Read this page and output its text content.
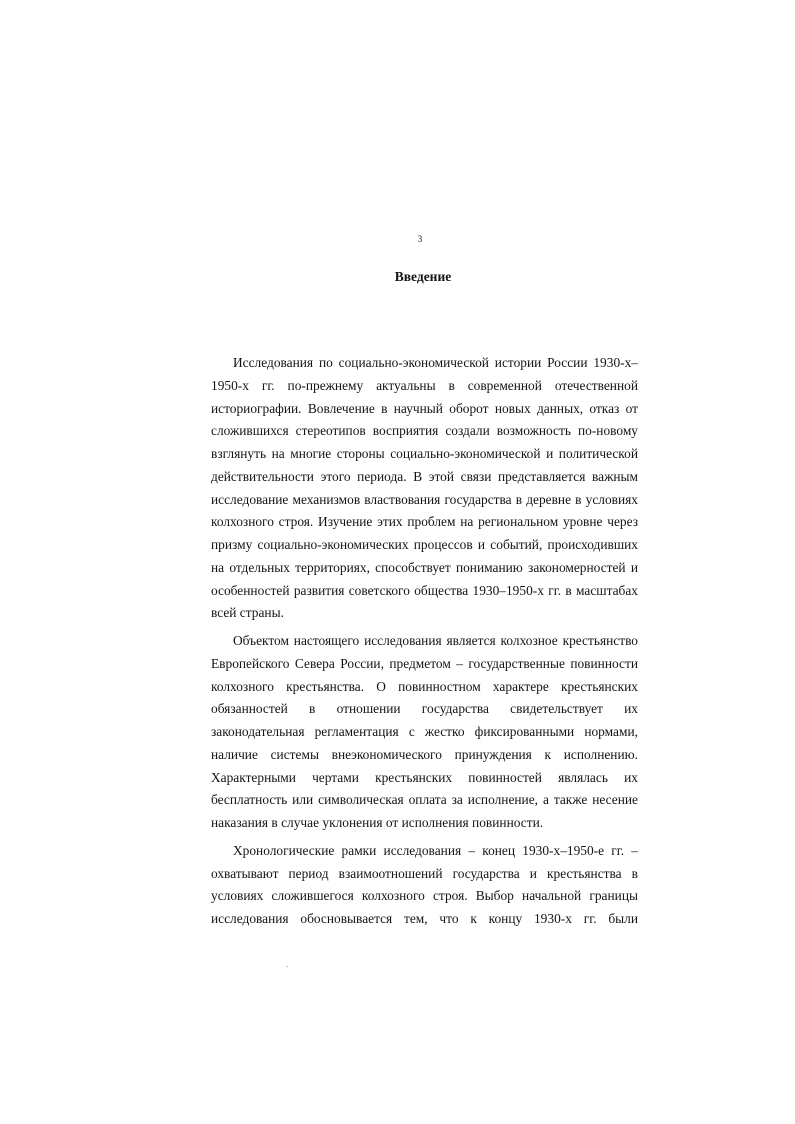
3
Введение
Исследования по социально-экономической истории России 1930-х–
1950-х гг. по-прежнему актуальны в современной отечественной
историографии. Вовлечение в научный оборот новых данных, отказ от
сложившихся стереотипов восприятия создали возможность по-новому
взглянуть на многие стороны социально-экономической и политической
действительности этого периода. В этой связи представляется важным
исследование механизмов властвования государства в деревне в условиях
колхозного строя. Изучение этих проблем на региональном уровне через
призму социально-экономических процессов и событий, происходивших
на отдельных территориях, способствует пониманию закономерностей и
особенностей развития советского общества 1930–1950-х гг. в масштабах
всей страны.
Объектом настоящего исследования является колхозное крестьянство
Европейского Севера России, предметом – государственные повинности
колхозного крестьянства. О повинностном характере крестьянских
обязанностей в отношении государства свидетельствует их
законодательная регламентация с жестко фиксированными нормами,
наличие системы внеэкономического принуждения к исполнению.
Характерными чертами крестьянских повинностей являлась их
бесплатность или символическая оплата за исполнение, а также несение
наказания в случае уклонения от исполнения повинности.
Хронологические рамки исследования – конец 1930-х–1950-е гг. –
охватывают период взаимоотношений государства и крестьянства в
условиях сложившегося колхозного строя. Выбор начальной границы
исследования обосновывается тем, что к концу 1930-х гг. были
